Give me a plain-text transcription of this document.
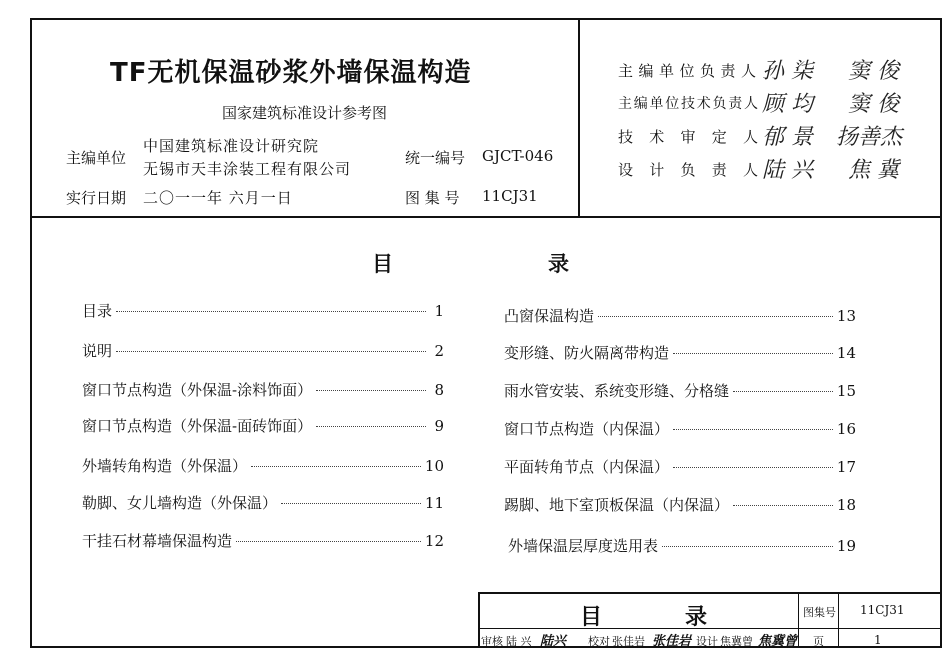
TF无机保温砂浆外墙保温构造
国家建筑标准设计参考图
主编单位
中国建筑标准设计研究院
无锡市天丰涂装工程有限公司
实行日期 二〇一一年 六月一日
统一编号 GJCT-046
图 集 号 11CJ31
主编单位负责人 孙 柒 窦 俊
主编单位技术负责人 顾 均 窦 俊
技术审定人 郁 景 扬善杰
设计负责人 陆 兴 焦 冀
目	录
目录	1
说明	2
窗口节点构造（外保温-涂料饰面）	8
窗口节点构造（外保温-面砖饰面）	9
外墙转角构造（外保温）	10
勒脚、女儿墙构造（外保温）	11
干挂石材幕墙保温构造	12
凸窗保温构造	13
变形缝、防火隔离带构造	14
雨水管安装、系统变形缝、分格缝	15
窗口节点构造（内保温）	16
平面转角节点（内保温）	17
踢脚、地下室顶板保温（内保温）	18
外墙保温层厚度选用表	19
目	录	图集号 11CJ31
页	1
审核 陆 兴 陆兴 校对 张佳岩 张佳岩 设计 焦冀曾 焦冀曾
